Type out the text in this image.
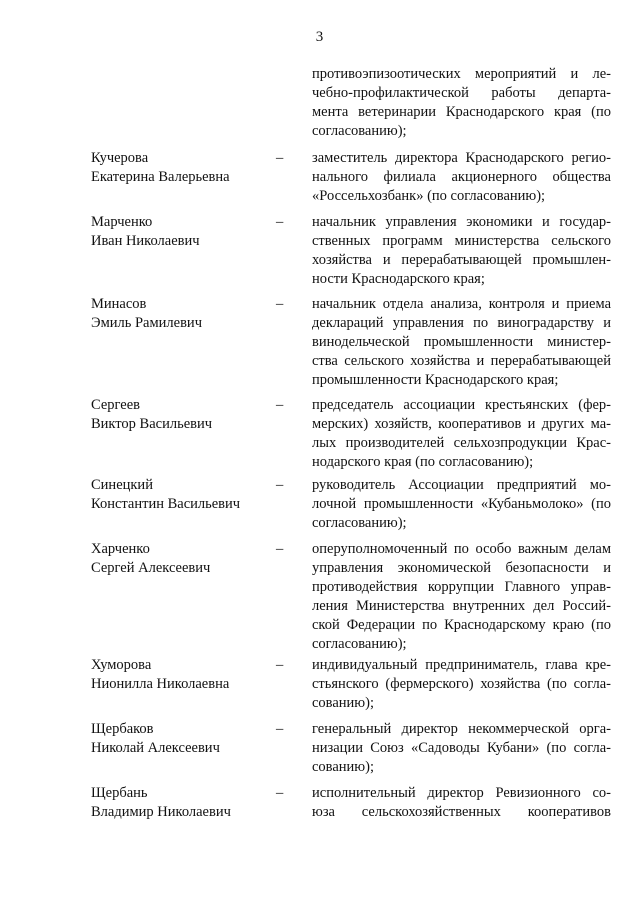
3
противоэпизоотических мероприятий и ле-
чебно-профилактической работы департа-
мента ветеринарии Краснодарского края (по
согласованию);
Кучерова
Екатерина Валерьевна
– заместитель директора Краснодарского регио-
нального филиала акционерного общества
«Россельхозбанк» (по согласованию);
Марченко
Иван Николаевич
– начальник управления экономики и государ-
ственных программ министерства сельского
хозяйства и перерабатывающей промышлен-
ности Краснодарского края;
Минасов
Эмиль Рамилевич
– начальник отдела анализа, контроля и приема
деклараций управления по виноградарству и
винодельческой промышленности министер-
ства сельского хозяйства и перерабатывающей
промышленности Краснодарского края;
Сергеев
Виктор Васильевич
– председатель ассоциации крестьянских (фер-
мерских) хозяйств, кооперативов и других ма-
лых производителей сельхозпродукции Крас-
нодарского края (по согласованию);
Синецкий
Константин Васильевич
– руководитель Ассоциации предприятий мо-
лочной промышленности «Кубаньмолоко» (по
согласованию);
Харченко
Сергей Алексеевич
– оперуполномоченный по особо важным делам
управления экономической безопасности и
противодействия коррупции Главного управ-
ления Министерства внутренних дел Россий-
ской Федерации по Краснодарскому краю (по
согласованию);
Хуморова
Нионилла Николаевна
– индивидуальный предприниматель, глава кре-
стьянского (фермерского) хозяйства (по согла-
сованию);
Щербаков
Николай Алексеевич
– генеральный директор некоммерческой орга-
низации Союз «Садоводы Кубани» (по согла-
сованию);
Щербань
Владимир Николаевич
– исполнительный директор Ревизионного со-
юза сельскохозяйственных кооперативов
